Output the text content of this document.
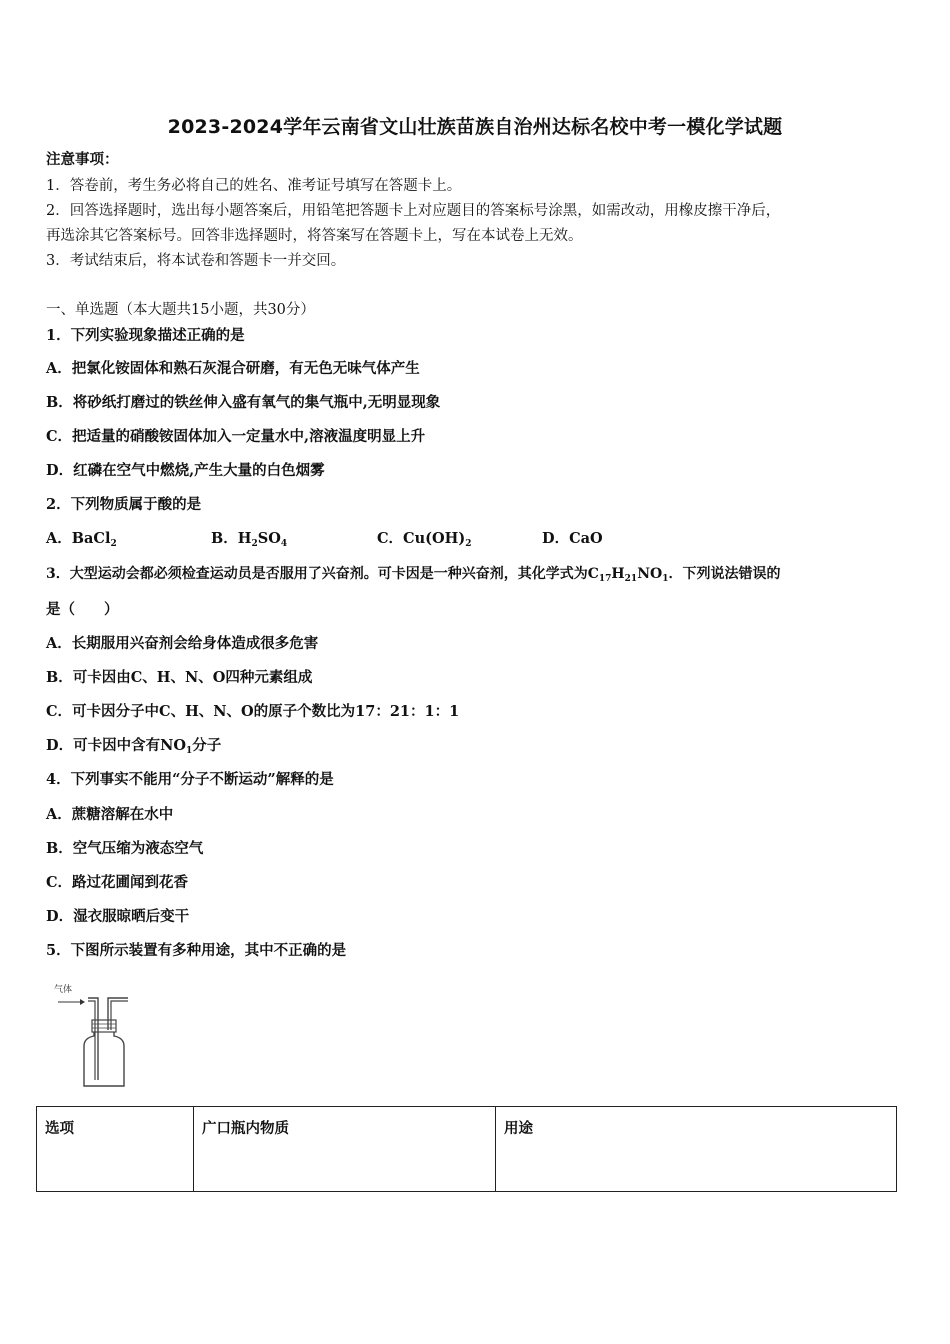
2023-2024学年云南省文山壮族苗族自治州达标名校中考一模化学试题
注意事项：
1．答卷前，考生务必将自己的姓名、准考证号填写在答题卡上。
2．回答选择题时，选出每小题答案后，用铅笔把答题卡上对应题目的答案标号涂黑，如需改动，用橡皮擦干净后，
再选涂其它答案标号。回答非选择题时，将答案写在答题卡上，写在本试卷上无效。
3．考试结束后，将本试卷和答题卡一并交回。
一、单选题（本大题共15小题，共30分）
1．下列实验现象描述正确的是
A．把氯化铵固体和熟石灰混合研磨，有无色无味气体产生
B．将砂纸打磨过的铁丝伸入盛有氧气的集气瓶中,无明显现象
C．把适量的硝酸铵固体加入一定量水中,溶液温度明显上升
D．红磷在空气中燃烧,产生大量的白色烟雾
2．下列物质属于酸的是
A．BaCl$_2$	B．$H_2SO_4$	C．$Cu(OH)_2$	D．CaO
3．大型运动会都必须检查运动员是否服用了兴奋剂。可卡因是一种兴奋剂，其化学式为$C_{17}H_{21}NO_1$．下列说法错误的
是（　　）
A．长期服用兴奋剂会给身体造成很多危害
B．可卡因由C、H、N、O四种元素组成
C．可卡因分子中C、H、N、O的原子个数比为17：21：1：1
D．可卡因中含有$NO_1$分子
4．下列事实不能用“分子不断运动”解释的是
A．蔗糖溶解在水中
B．空气压缩为液态空气
C．路过花圃闻到花香
D．湿衣服晾晒后变干
5．下图所示装置有多种用途，其中不正确的是
气体
选项	广口瓶内物质	用途
